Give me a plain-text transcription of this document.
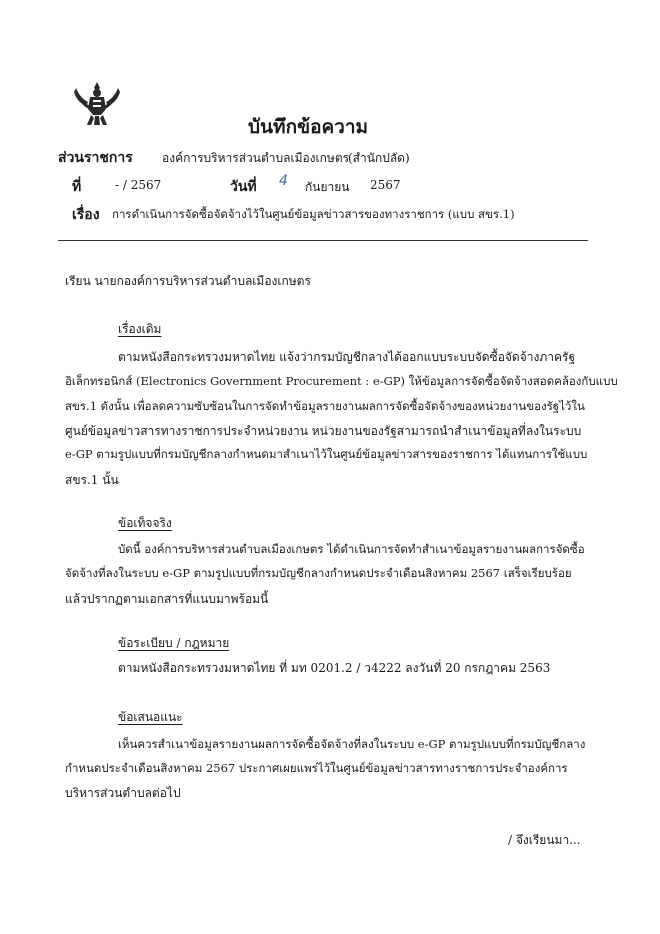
บันทึกข้อความ
ส่วนราชการ องค์การบริหารส่วนตำบลเมืองเกษตร
(สำนักปลัด)
ที่	- / 2567	วันที่ 4 กันยายน 2567
เรื่อง การดำเนินการจัดซื้อจัดจ้างไว้ในศูนย์ข้อมูลข่าวสารของทางราชการ (แบบ สขร.1)
เรียน นายกองค์การบริหารส่วนตำบลเมืองเกษตร
เรื่องเดิม
ตามหนังสือกระทรวงมหาดไทย แจ้งว่ากรมบัญชีกลางได้ออกแบบระบบจัดซื้อจัดจ้างภาครัฐ
อิเล็กทรอนิกส์ (Electronics Government Procurement : e-GP) ให้ข้อมูลการจัดซื้อจัดจ้างสอดคล้องกับแบบ
สขร.1 ดังนั้น เพื่อลดความซับซ้อนในการจัดทำข้อมูลรายงานผลการจัดซื้อจัดจ้างของหน่วยงานของรัฐไว้ใน
ศูนย์ข้อมูลข่าวสารทางราชการประจำหน่วยงาน หน่วยงานของรัฐสามารถนำสำเนาข้อมูลที่ลงในระบบ
e-GP ตามรูปแบบที่กรมบัญชีกลางกำหนดมาสำเนาไว้ในศูนย์ข้อมูลข่าวสารของราชการ ได้แทนการใช้แบบ
สขร.1 นั้น
ข้อเท็จจริง
บัดนี้ องค์การบริหารส่วนตำบลเมืองเกษตร ได้ดำเนินการจัดทำสำเนาข้อมูลรายงานผลการจัดซื้อ
จัดจ้างที่ลงในระบบ e-GP ตามรูปแบบที่กรมบัญชีกลางกำหนดประจำเดือนสิงหาคม 2567 เสร็จเรียบร้อย
แล้วปรากฏตามเอกสารที่แนบมาพร้อมนี้
ข้อระเบียบ / กฎหมาย
ตามหนังสือกระทรวงมหาดไทย ที่ มท 0201.2 / ว4222 ลงวันที่ 20 กรกฎาคม 2563
ข้อเสนอแนะ
เห็นควรสำเนาข้อมูลรายงานผลการจัดซื้อจัดจ้างที่ลงในระบบ e-GP ตามรูปแบบที่กรมบัญชีกลาง
กำหนดประจำเดือนสิงหาคม 2567 ประกาศเผยแพร่ไว้ในศูนย์ข้อมูลข่าวสารทางราชการประจำองค์การ
บริหารส่วนตำบลต่อไป
/ จึงเรียนมา...
